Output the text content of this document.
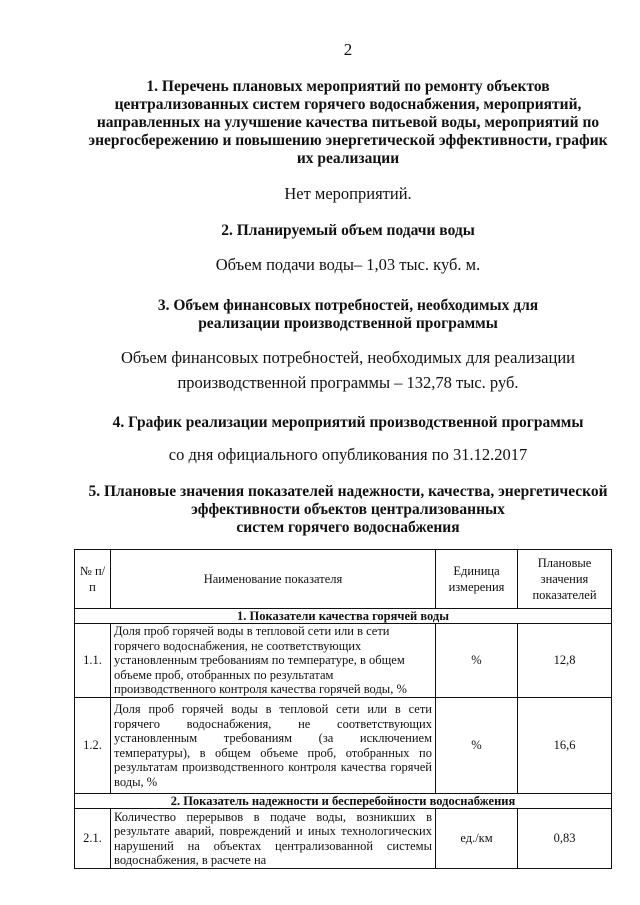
2
1. Перечень плановых мероприятий по ремонту объектов
централизованных систем горячего водоснабжения, мероприятий,
направленных на улучшение качества питьевой воды, мероприятий по
энергосбережению и повышению энергетической эффективности, график
их реализации
Нет мероприятий.
2. Планируемый объем подачи воды
Объем подачи воды– 1,03 тыс. куб. м.
3. Объем финансовых потребностей, необходимых для
реализации производственной программы
Объем финансовых потребностей, необходимых для реализации
производственной программы – 132,78 тыс. руб.
4. График реализации мероприятий производственной программы
со дня официального опубликования по 31.12.2017
5. Плановые значения показателей надежности, качества, энергетической
эффективности объектов централизованных
систем горячего водоснабжения
№ п/п	Наименование показателя	Единица измерения	Плановые значения показателей
1. Показатели качества горячей воды			
1.1.	Доля проб горячей воды в тепловой сети или в сети горячего водоснабжения, не соответствующих установленным требованиям по температуре, в общем объеме проб, отобранных по результатам производственного контроля качества горячей воды, %	%	12,8
1.2.	Доля проб горячей воды в тепловой сети или в сети горячего водоснабжения, не соответствующих установленным требованиям (за исключением температуры), в общем объеме проб, отобранных по результатам производственного контроля качества горячей воды, %	%	16,6
2. Показатель надежности и бесперебойности водоснабжения			
2.1.	Количество перерывов в подаче воды, возникших в результате аварий, повреждений и иных технологических нарушений на объектах централизованной системы водоснабжения, в расчете на	ед./км	0,83
